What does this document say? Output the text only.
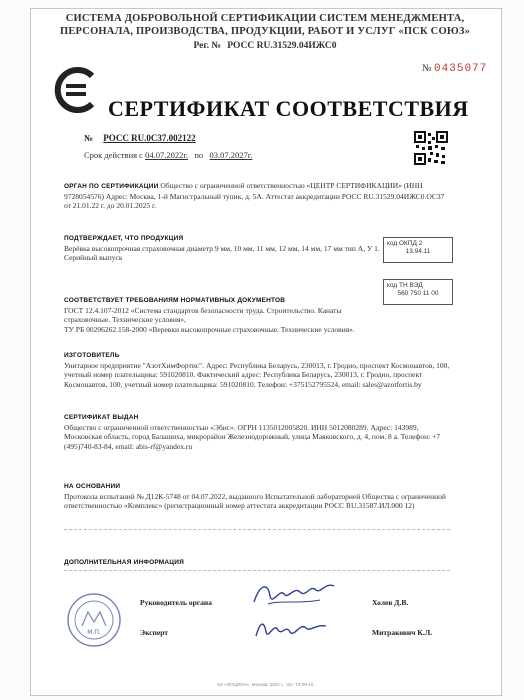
СИСТЕМА ДОБРОВОЛЬНОЙ СЕРТИФИКАЦИИ СИСТЕМ МЕНЕДЖМЕНТА,
ПЕРСОНАЛА, ПРОИЗВОДСТВА, ПРОДУКЦИИ, РАБОТ И УСЛУГ «ПСК СОЮЗ»
Рег. № РОСС RU.31529.04ИЖС0
№ 0435077
СЕРТИФИКАТ СООТВЕТСТВИЯ
№ РОСС RU.0С37.002122
Срок действия с 04.07.2022г. по 03.07.2027г.
ОРГАН ПО СЕРТИФИКАЦИИ Общество с ограниченной ответственностью «ЦЕНТР СЕРТИФИКАЦИИ» (ИНН 9728054576) Адрес: Москва, 1-й Магистральный тупик, д. 5А. Аттестат аккредитации РОСС RU.31529.04ИЖС0.ОС37 от 21.01.22 г. до 20.01.2025 г.
ПОДТВЕРЖДАЕТ, ЧТО ПРОДУКЦИЯ
Верёвка высокопрочная страховочная диаметр 9 мм, 10 мм, 11 мм, 12 мм, 14 мм, 17 мм тип А, У 1. Серийный выпуск
код ОКПД 2
13.94.11
код ТН ВЭД
560 750 11 00
СООТВЕТСТВУЕТ ТРЕБОВАНИЯМ НОРМАТИВНЫХ ДОКУМЕНТОВ
ГОСТ 12.4.107-2012 «Система стандартов безопасности труда. Строительство. Канаты страховочные. Технические условия»,
ТУ РБ 00206262.158-2000 «Веревки высокопрочные страховочные. Технические условия».
ИЗГОТОВИТЕЛЬ
Унитарное предприятие "АзотХимФортис". Адрес: Республика Беларусь, 230013, г. Гродно, проспект Космонавтов, 100, учетный номер плательщика: 591020810. Фактический адрес: Республика Беларусь, 230013, г. Гродно, проспект Космонавтов, 100, учетный номер плательщика: 591020810. Телефон: +375152795524, email: sales@azotfortis.by
СЕРТИФИКАТ ВЫДАН
Общество с ограниченной ответственностью «Эбис». ОГРН 1135012005820. ИНН 5012080289. Адрес: 143989, Московская область, город Балашиха, микрорайон Железнодорожный, улица Маяковского, д. 4, пом. 8 а. Телефон: +7 (495)740-83-84, email: abis-rf@yandex.ru
НА ОСНОВАНИИ
Протокола испытаний № Д12К-5748 от 04.07.2022, выданного Испытательной лабораторией Общества с ограниченной ответственностью «Комплекс» (регистрационный номер аттестата аккредитации РОСС RU.31587.ИЛ.000 12)
ДОПОЛНИТЕЛЬНАЯ ИНФОРМАЦИЯ
М.П.
Руководитель органа	Холев Д.В.
Эксперт	Митракович К.Л.
АО «ОПЦИОН», Москва, 2022 г., «Б» ТЗ-09-10
